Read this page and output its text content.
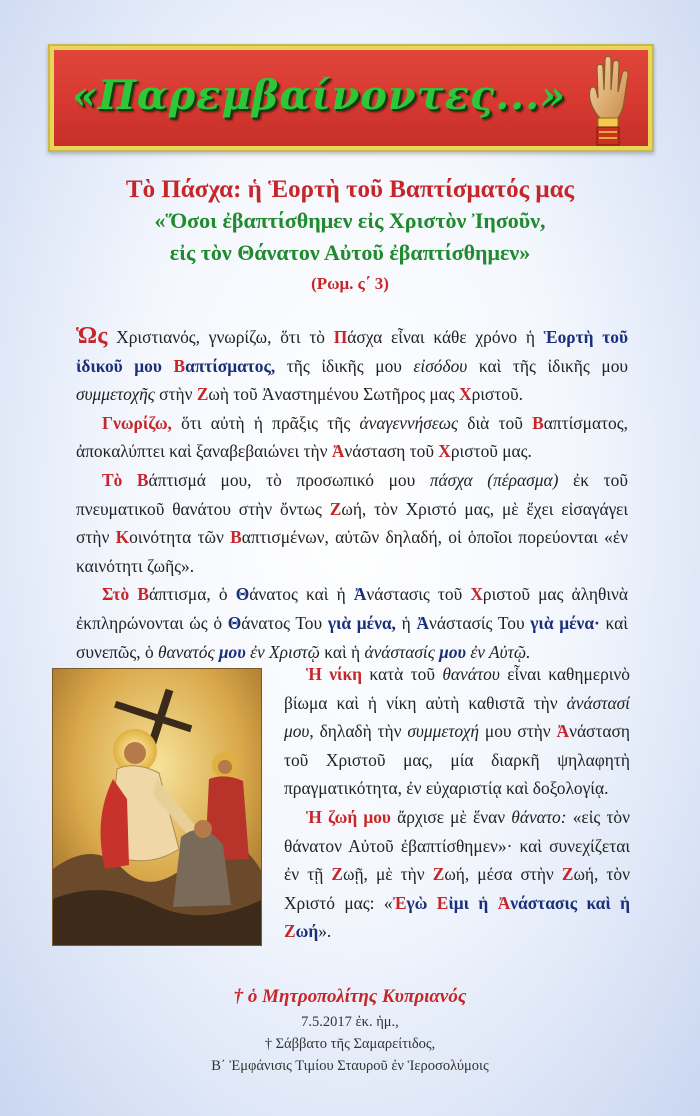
«Παρεμβαίνοντες...»
Τὸ Πάσχα: ἡ Ἑορτὴ τοῦ Βαπτίσματός μας
«Ὅσοι ἐβαπτίσθημεν εἰς Χριστὸν Ἰησοῦν,
εἰς τὸν Θάνατον Αὐτοῦ ἐβαπτίσθημεν»
(Ρωμ. ς΄ 3)

Ὡς Χριστιανός, γνωρίζω, ὅτι τὸ Πάσχα εἶναι κάθε χρόνο ἡ Ἑορτὴ τοῦ ἰδικοῦ μου Βαπτίσματος, τῆς ἰδικῆς μου εἰσόδου καὶ τῆς ἰδικῆς μου συμμετοχῆς στὴν Ζωὴ τοῦ Ἀναστημένου Σωτῆρος μας Χριστοῦ.

Γνωρίζω, ὅτι αὐτὴ ἡ πρᾶξις τῆς ἀναγεννήσεως διὰ τοῦ Βαπτίσματος, ἀποκαλύπτει καὶ ξαναβεβαιώνει τὴν Ἀνάσταση τοῦ Χριστοῦ μας.

Τὸ Βάπτισμά μου, τὸ προσωπικό μου πάσχα (πέρασμα) ἐκ τοῦ πνευματικοῦ θανάτου στὴν ὄντως Ζωή, τὸν Χριστό μας, μὲ ἔχει εἰσαγάγει στὴν Κοινότητα τῶν Βαπτισμένων, αὐτῶν δηλαδή, οἱ ὁποῖοι πορεύονται «ἐν καινότητι ζωῆς».

Στὸ Βάπτισμα, ὁ Θάνατος καὶ ἡ Ἀνάστασις τοῦ Χριστοῦ μας ἀληθινὰ ἐκπληρώνονται ὡς ὁ Θάνατος Του γιὰ μένα, ἡ Ἀνάστασίς Του γιὰ μένα· καὶ συνεπῶς, ὁ θανατός μου ἐν Χριστῷ καὶ ἡ ἀνάστασίς μου ἐν Αὐτῷ.

Ἡ νίκη κατὰ τοῦ θανάτου εἶναι καθημερινὸ βίωμα καὶ ἡ νίκη αὐτὴ καθιστᾶ τὴν ἀνάστασί μου, δηλαδὴ τὴν συμμετοχή μου στὴν Ἀνάσταση τοῦ Χριστοῦ μας, μία διαρκῆ ψηλαφητὴ πραγματικότητα, ἐν εὐχαριστίᾳ καὶ δοξολογίᾳ.

Ἡ ζωή μου ἄρχισε μὲ ἕναν θάνατο: «εἰς τὸν θάνατον Αὐτοῦ ἐβαπτίσθημεν»· καὶ συνεχίζεται ἐν τῇ Ζωῇ, μὲ τὴν Ζωή, μέσα στὴν Ζωή, τὸν Χριστό μας: «Ἐγὼ Εἰμι ἡ Ἀνάστασις καὶ ἡ Ζωή».

† ὁ Μητροπολίτης Κυπριανός
7.5.2017 ἐκ. ἡμ.,
† Σάββατο τῆς Σαμαρείτιδος,
Β΄ Ἐμφάνισις Τιμίου Σταυροῦ ἐν Ἱεροσολύμοις
